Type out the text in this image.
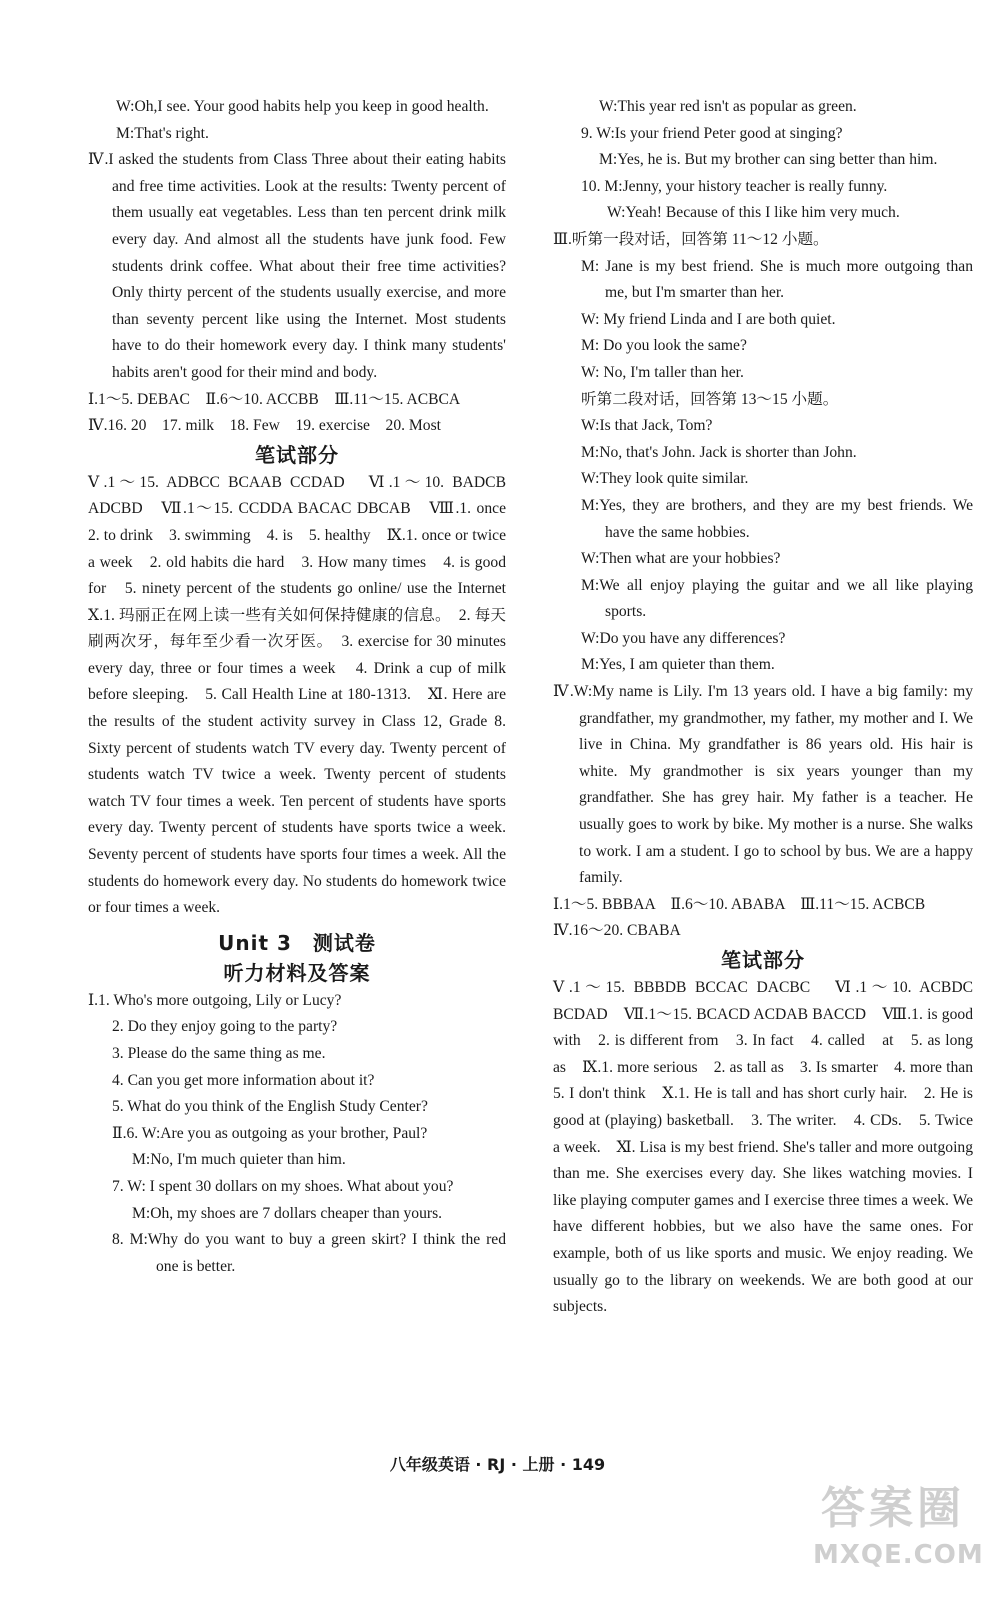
W:Oh,I see. Your good habits help you keep in good health.

M:That's right.

Ⅳ.I asked the students from Class Three about their eating habits and free time activities. Look at the results: Twenty percent of them usually eat vegetables. Less than ten percent drink milk every day. And almost all the students have junk food. Few students drink coffee. What about their free time activities? Only thirty percent of the students usually exercise, and more than seventy percent like using the Internet. Most students have to do their homework every day. I think many students' habits aren't good for their mind and body.

Ⅰ.1～5. DEBAC　Ⅱ.6～10. ACCBB　Ⅲ.11～15. ACBCA

Ⅳ.16. 20　17. milk　18. Few　19. exercise　20. Most

笔试部分

Ⅴ.1～15. ADBCC BCAAB CCDAD　Ⅵ.1～10. BADCB ADCBD　Ⅶ.1～15. CCDDA BACAC DBCAB　Ⅷ.1. once　2. to drink　3. swimming　4. is　5. healthy　Ⅸ.1. once or twice a week　2. old habits die hard　3. How many times　4. is good for　5. ninety percent of the students go online/ use the Internet　Ⅹ.1. 玛丽正在网上读一些有关如何保持健康的信息。　2. 每天刷两次牙，每年至少看一次牙医。　3. exercise for 30 minutes every day, three or four times a week　4. Drink a cup of milk before sleeping.　5. Call Health Line at 180-1313.　Ⅺ. Here are the results of the student activity survey in Class 12, Grade 8. Sixty percent of students watch TV every day. Twenty percent of students watch TV twice a week. Twenty percent of students watch TV four times a week. Ten percent of students have sports every day. Twenty percent of students have sports twice a week. Seventy percent of students have sports four times a week. All the students do homework every day. No students do homework twice or four times a week.

Unit 3　测试卷

听力材料及答案

Ⅰ.1. Who's more outgoing, Lily or Lucy?

2. Do they enjoy going to the party?

3. Please do the same thing as me.

4. Can you get more information about it?

5. What do you think of the English Study Center?

Ⅱ.6. W:Are you as outgoing as your brother, Paul?

M:No, I'm much quieter than him.

7. W: I spent 30 dollars on my shoes. What about you?

M:Oh, my shoes are 7 dollars cheaper than yours.

8. M:Why do you want to buy a green skirt? I think the red one is better.

W:This year red isn't as popular as green.

9. W:Is your friend Peter good at singing?

M:Yes, he is. But my brother can sing better than him.

10. M:Jenny, your history teacher is really funny.

W:Yeah! Because of this I like him very much.

Ⅲ.听第一段对话，回答第 11～12 小题。

M: Jane is my best friend. She is much more outgoing than me, but I'm smarter than her.

W: My friend Linda and I are both quiet.

M: Do you look the same?

W: No, I'm taller than her.

听第二段对话，回答第 13～15 小题。

W:Is that Jack, Tom?

M:No, that's John. Jack is shorter than John.

W:They look quite similar.

M:Yes, they are brothers, and they are my best friends. We have the same hobbies.

W:Then what are your hobbies?

M:We all enjoy playing the guitar and we all like playing sports.

W:Do you have any differences?

M:Yes, I am quieter than them.

Ⅳ.W:My name is Lily. I'm 13 years old. I have a big family: my grandfather, my grandmother, my father, my mother and I. We live in China. My grandfather is 86 years old. His hair is white. My grandmother is six years younger than my grandfather. She has grey hair. My father is a teacher. He usually goes to work by bike. My mother is a nurse. She walks to work. I am a student. I go to school by bus. We are a happy family.

Ⅰ.1～5. BBBAA　Ⅱ.6～10. ABABA　Ⅲ.11～15. ACBCB

Ⅳ.16～20. CBABA

笔试部分

Ⅴ.1～15. BBBDB BCCAC DACBC　Ⅵ.1～10. ACBDC BCDAD　Ⅶ.1～15. BCACD ACDAB BACCD　Ⅷ.1. is good with　2. is different from　3. In fact　4. called　at　5. as long as　Ⅸ.1. more serious　2. as tall as　3. Is smarter　4. more than　5. I don't think　Ⅹ.1. He is tall and has short curly hair.　2. He is good at (playing) basketball.　3. The writer.　4. CDs.　5. Twice a week.　Ⅺ. Lisa is my best friend. She's taller and more outgoing than me. She exercises every day. She likes watching movies. I like playing computer games and I exercise three times a week. We have different hobbies, but we also have the same ones. For example, both of us like sports and music. We enjoy reading. We usually go to the library on weekends. We are both good at our subjects.

八年级英语 · RJ · 上册 · 149
答案圈
MXQE.COM
